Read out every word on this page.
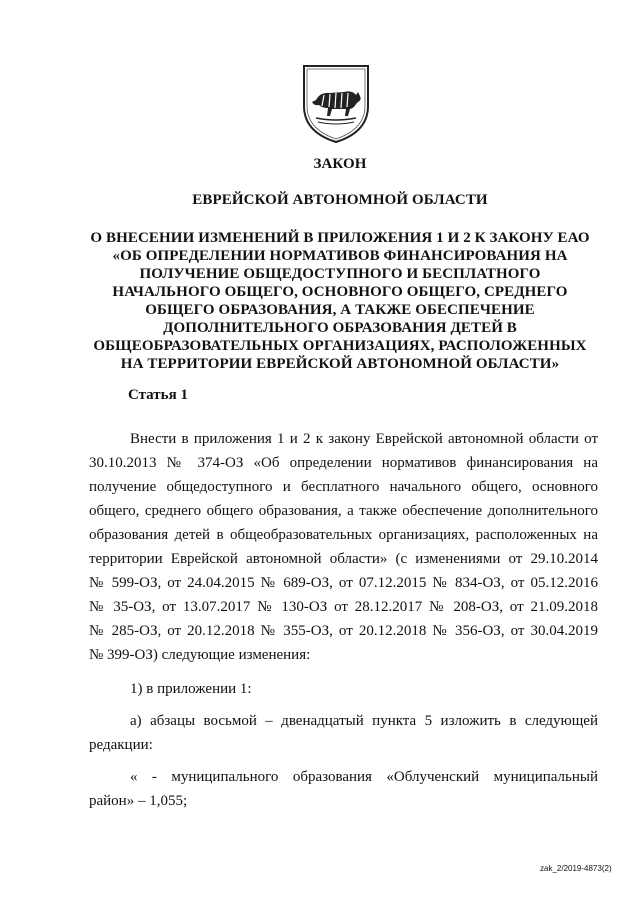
ЗАКОН
ЕВРЕЙСКОЙ АВТОНОМНОЙ ОБЛАСТИ
О ВНЕСЕНИИ ИЗМЕНЕНИЙ В ПРИЛОЖЕНИЯ 1 И 2 К ЗАКОНУ ЕАО
«ОБ ОПРЕДЕЛЕНИИ НОРМАТИВОВ ФИНАНСИРОВАНИЯ НА
ПОЛУЧЕНИЕ ОБЩЕДОСТУПНОГО И БЕСПЛАТНОГО
НАЧАЛЬНОГО ОБЩЕГО, ОСНОВНОГО ОБЩЕГО, СРЕДНЕГО
ОБЩЕГО ОБРАЗОВАНИЯ, А ТАКЖЕ ОБЕСПЕЧЕНИЕ
ДОПОЛНИТЕЛЬНОГО ОБРАЗОВАНИЯ ДЕТЕЙ В
ОБЩЕОБРАЗОВАТЕЛЬНЫХ ОРГАНИЗАЦИЯХ, РАСПОЛОЖЕННЫХ
НА ТЕРРИТОРИИ ЕВРЕЙСКОЙ АВТОНОМНОЙ ОБЛАСТИ»
Статья 1
Внести в приложения 1 и 2 к закону Еврейской автономной области от
30.10.2013 № 374-ОЗ «Об определении нормативов финансирования на
получение общедоступного и бесплатного начального общего, основного
общего, среднего общего образования, а также обеспечение дополнительного
образования детей в общеобразовательных организациях, расположенных на
территории Еврейской автономной области» (с изменениями от 29.10.2014
№ 599-ОЗ, от 24.04.2015 № 689-ОЗ, от 07.12.2015 № 834-ОЗ, от 05.12.2016
№ 35-ОЗ, от 13.07.2017 № 130-ОЗ от 28.12.2017 № 208-ОЗ, от 21.09.2018
№ 285-ОЗ, от 20.12.2018 № 355-ОЗ, от 20.12.2018 № 356-ОЗ, от 30.04.2019
№ 399-ОЗ) следующие изменения:
1) в приложении 1:
а) абзацы восьмой – двенадцатый пункта 5 изложить в следующей
редакции:
« - муниципального образования «Облученский муниципальный
район» – 1,055;
zak_2/2019-4873(2)
